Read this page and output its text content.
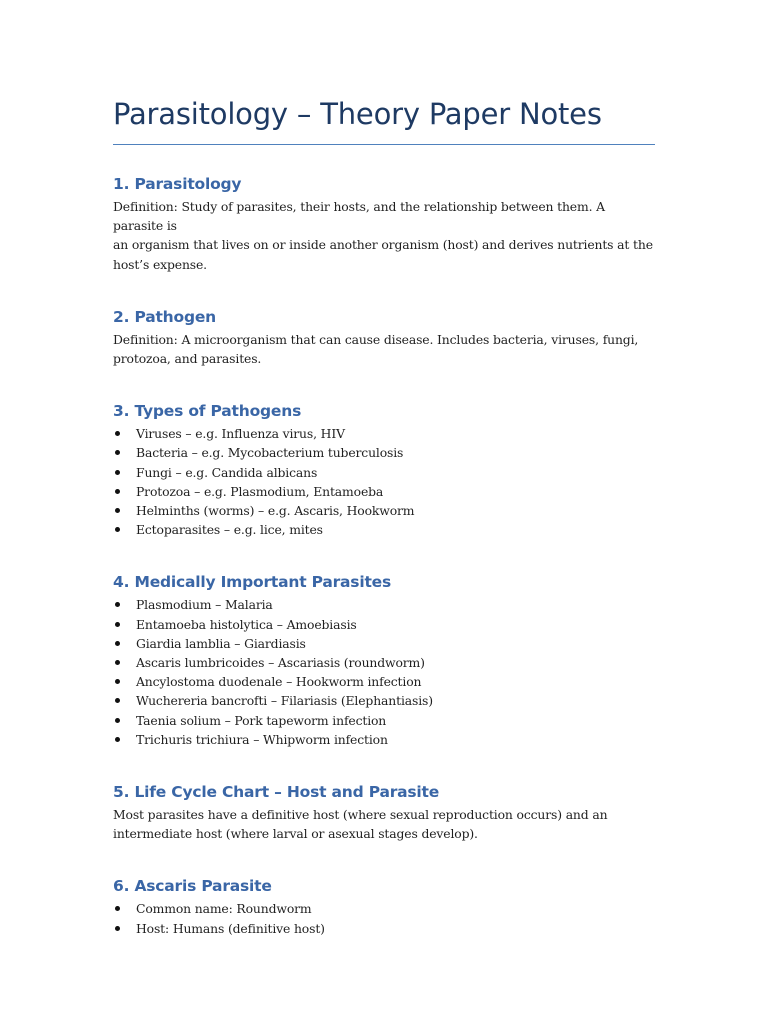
Parasitology – Theory Paper Notes
1. Parasitology

Definition: Study of parasites, their hosts, and the relationship between them. A parasite is
an organism that lives on or inside another organism (host) and derives nutrients at the
host’s expense.

2. Pathogen

Definition: A microorganism that can cause disease. Includes bacteria, viruses, fungi,
protozoa, and parasites.

3. Types of Pathogens
Viruses – e.g. Influenza virus, HIV
Bacteria – e.g. Mycobacterium tuberculosis
Fungi – e.g. Candida albicans
Protozoa – e.g. Plasmodium, Entamoeba
Helminths (worms) – e.g. Ascaris, Hookworm
Ectoparasites – e.g. lice, mites
4. Medically Important Parasites
Plasmodium – Malaria
Entamoeba histolytica – Amoebiasis
Giardia lamblia – Giardiasis
Ascaris lumbricoides – Ascariasis (roundworm)
Ancylostoma duodenale – Hookworm infection
Wuchereria bancrofti – Filariasis (Elephantiasis)
Taenia solium – Pork tapeworm infection
Trichuris trichiura – Whipworm infection
5. Life Cycle Chart – Host and Parasite

Most parasites have a definitive host (where sexual reproduction occurs) and an
intermediate host (where larval or asexual stages develop).

6. Ascaris Parasite
Common name: Roundworm
Host: Humans (definitive host)
